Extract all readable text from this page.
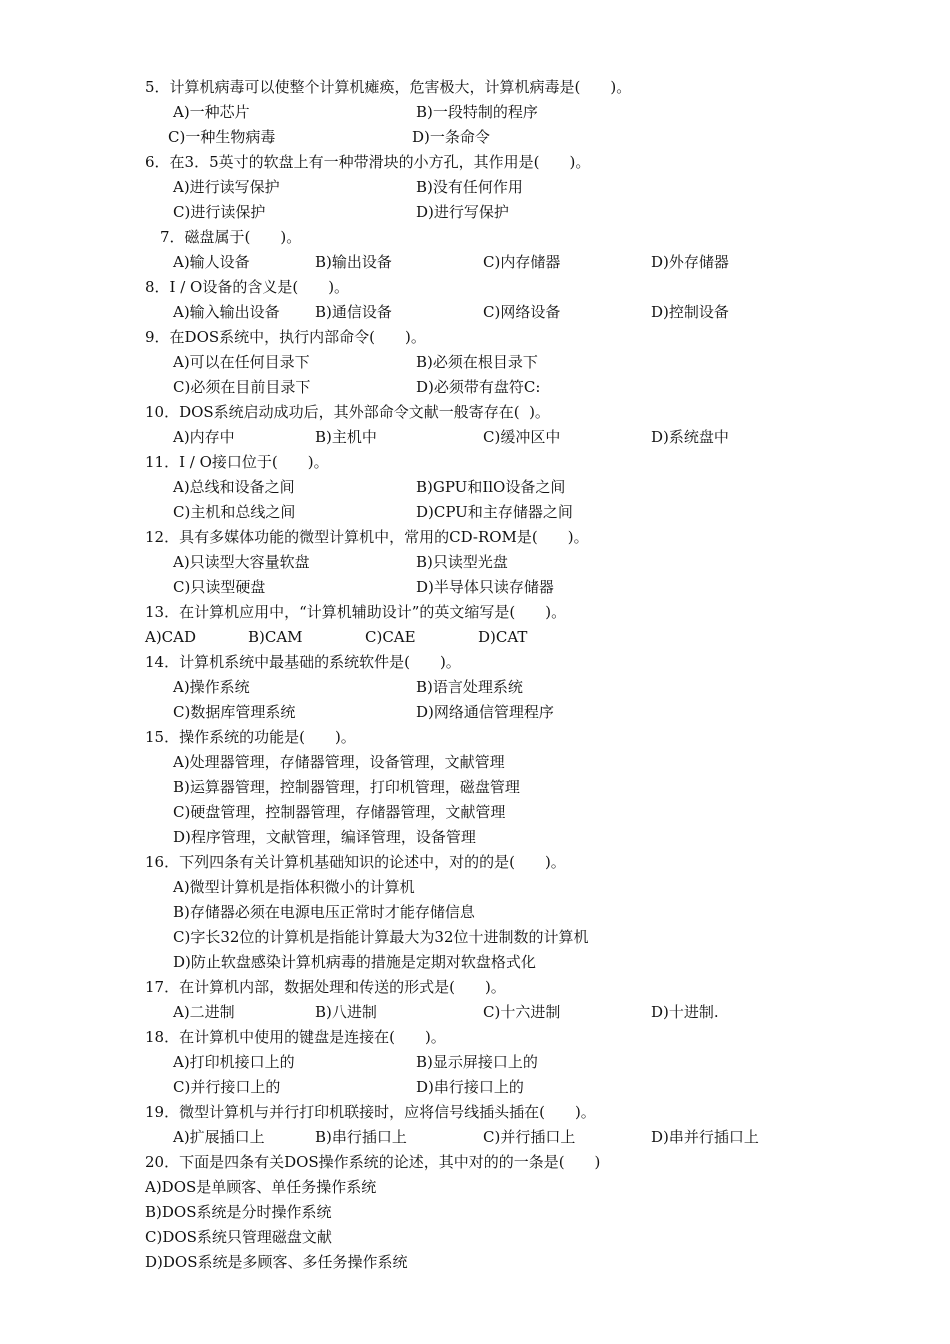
5．计算机病毒可以使整个计算机瘫痪，危害极大，计算机病毒是(　　)。
A)一种芯片	B)一段特制的程序
C)一种生物病毒	D)一条命令
6．在3．5英寸的软盘上有一种带滑块的小方孔，其作用是(　　)。
A)进行读写保护	B)没有任何作用
C)进行读保护	D)进行写保护
7．磁盘属于(　　)。
A)输人设备	B)输出设备	C)内存储器	D)外存储器
8．I / O设备的含义是(　　)。
A)输入输出设备 B)通信设备	C)网络设备	D)控制设备
9．在DOS系统中，执行内部命令(　　)。
A)可以在任何目录下	B)必须在根目录下
C)必须在目前目录下	D)必须带有盘符C:
10．DOS系统启动成功后，其外部命令文献一般寄存在(  )。
A)内存中	B)主机中	C)缓冲区中	D)系统盘中
11．I / O接口位于(　　)。
A)总线和设备之间	B)GPU和IlO设备之间
C)主机和总线之间	D)CPU和主存储器之间
12．具有多媒体功能的微型计算机中，常用的CD-ROM是(　　)。
A)只读型大容量软盘	B)只读型光盘
C)只读型硬盘	D)半导体只读存储器
13．在计算机应用中，“计算机辅助设计”的英文缩写是(　　)。
A)CAD	B)CAM	C)CAE	D)CAT
14．计算机系统中最基础的系统软件是(　　)。
A)操作系统	B)语言处理系统
C)数据库管理系统	D)网络通信管理程序
15．操作系统的功能是(　　)。
A)处理器管理，存储器管理，设备管理，文献管理
B)运算器管理，控制器管理，打印机管理，磁盘管理
C)硬盘管理，控制器管理，存储器管理，文献管理
D)程序管理，文献管理，编译管理，设备管理
16．下列四条有关计算机基础知识的论述中，对的的是(　　)。
A)微型计算机是指体积微小的计算机
B)存储器必须在电源电压正常时才能存储信息
C)字长32位的计算机是指能计算最大为32位十进制数的计算机
D)防止软盘感染计算机病毒的措施是定期对软盘格式化
17．在计算机内部，数据处理和传送的形式是(　　)。
A)二进制	B)八进制	C)十六进制	D)十进制.
18．在计算机中使用的键盘是连接在(　　)。
A)打印机接口上的	B)显示屏接口上的
C)并行接口上的	D)串行接口上的
19．微型计算机与并行打印机联接时，应将信号线插头插在(　　)。
A)扩展插口上	B)串行插口上	C)并行插口上	D)串并行插口上
20．下面是四条有关DOS操作系统的论述，其中对的的一条是(　　)
A)DOS是单顾客、单任务操作系统
B)DOS系统是分时操作系统
C)DOS系统只管理磁盘文献
D)DOS系统是多顾客、多任务操作系统
